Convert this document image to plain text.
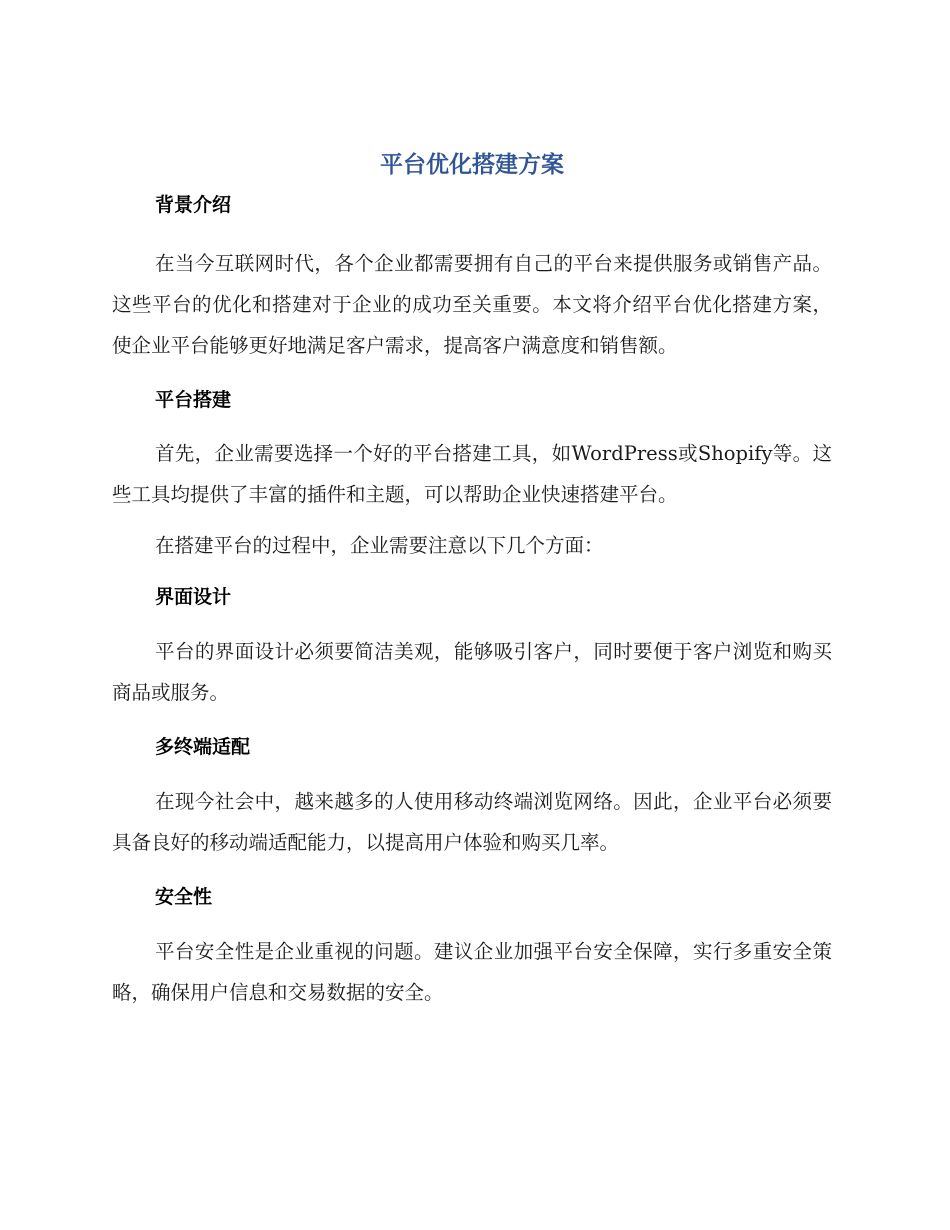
平台优化搭建方案
背景介绍

在当今互联网时代，各个企业都需要拥有自己的平台来提供服务或销售产品。这些平台的优化和搭建对于企业的成功至关重要。本文将介绍平台优化搭建方案，使企业平台能够更好地满足客户需求，提高客户满意度和销售额。

平台搭建

首先，企业需要选择一个好的平台搭建工具，如WordPress或Shopify等。这些工具均提供了丰富的插件和主题，可以帮助企业快速搭建平台。

在搭建平台的过程中，企业需要注意以下几个方面：

界面设计

平台的界面设计必须要简洁美观，能够吸引客户，同时要便于客户浏览和购买商品或服务。

多终端适配

在现今社会中，越来越多的人使用移动终端浏览网络。因此，企业平台必须要具备良好的移动端适配能力，以提高用户体验和购买几率。

安全性

平台安全性是企业重视的问题。建议企业加强平台安全保障，实行多重安全策略，确保用户信息和交易数据的安全。
